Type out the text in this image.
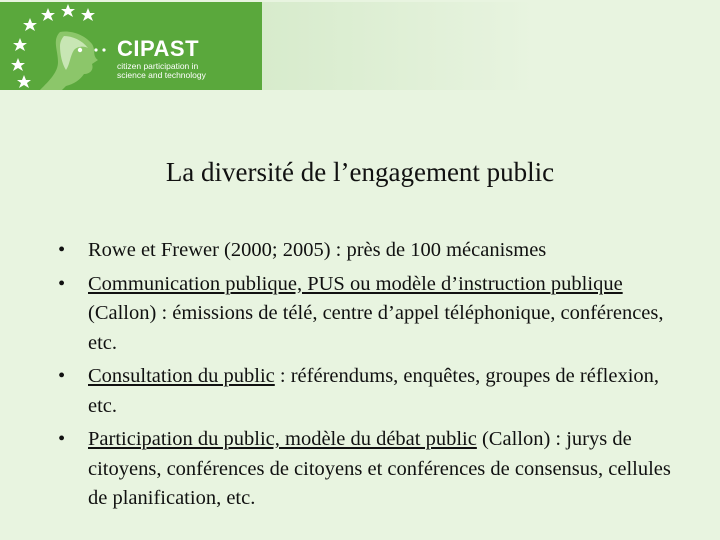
CIPAST
citizen participation in
science and technology
La diversité de l’engagement public
• Rowe et Frewer (2000; 2005) : près de 100 mécanismes
• Communication publique, PUS ou modèle d’instruction publique (Callon) : émissions de télé, centre d’appel téléphonique, conférences, etc.
• Consultation du public : référendums, enquêtes, groupes de réflexion, etc.
• Participation du public, modèle du débat public (Callon) : jurys de citoyens, conférences de citoyens et conférences de consensus, cellules de planification, etc.
